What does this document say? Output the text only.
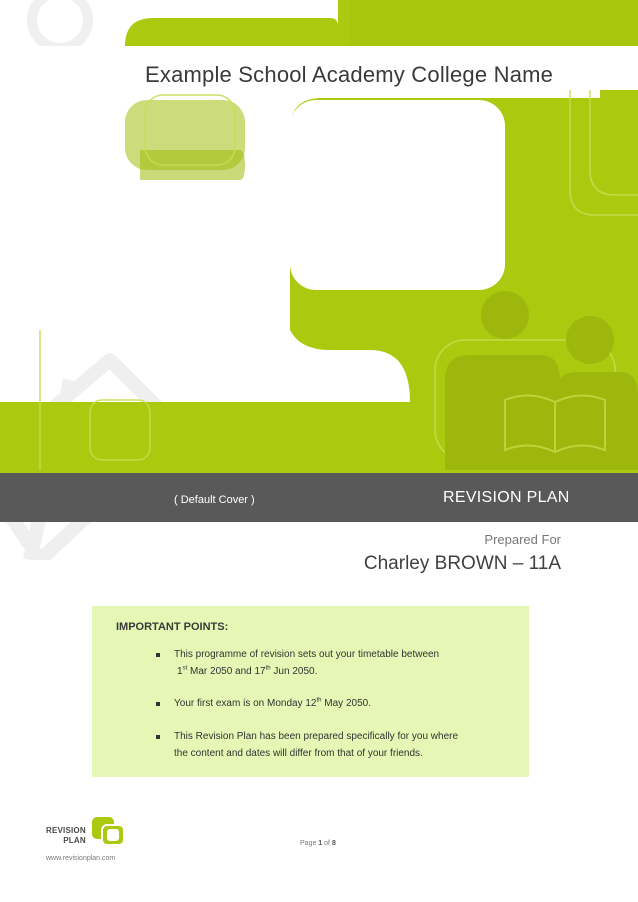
Example School Academy College Name
( Default Cover )	REVISION PLAN
Prepared For
Charley BROWN – 11A
IMPORTANT POINTS:
This programme of revision sets out your timetable between
1st Mar 2050 and 17th Jun 2050.
Your first exam is on Monday 12th May 2050.
This Revision Plan has been prepared specifically for you where
the content and dates will differ from that of your friends.
REVISION
PLAN
www.revisionplan.com
Page 1 of 8
